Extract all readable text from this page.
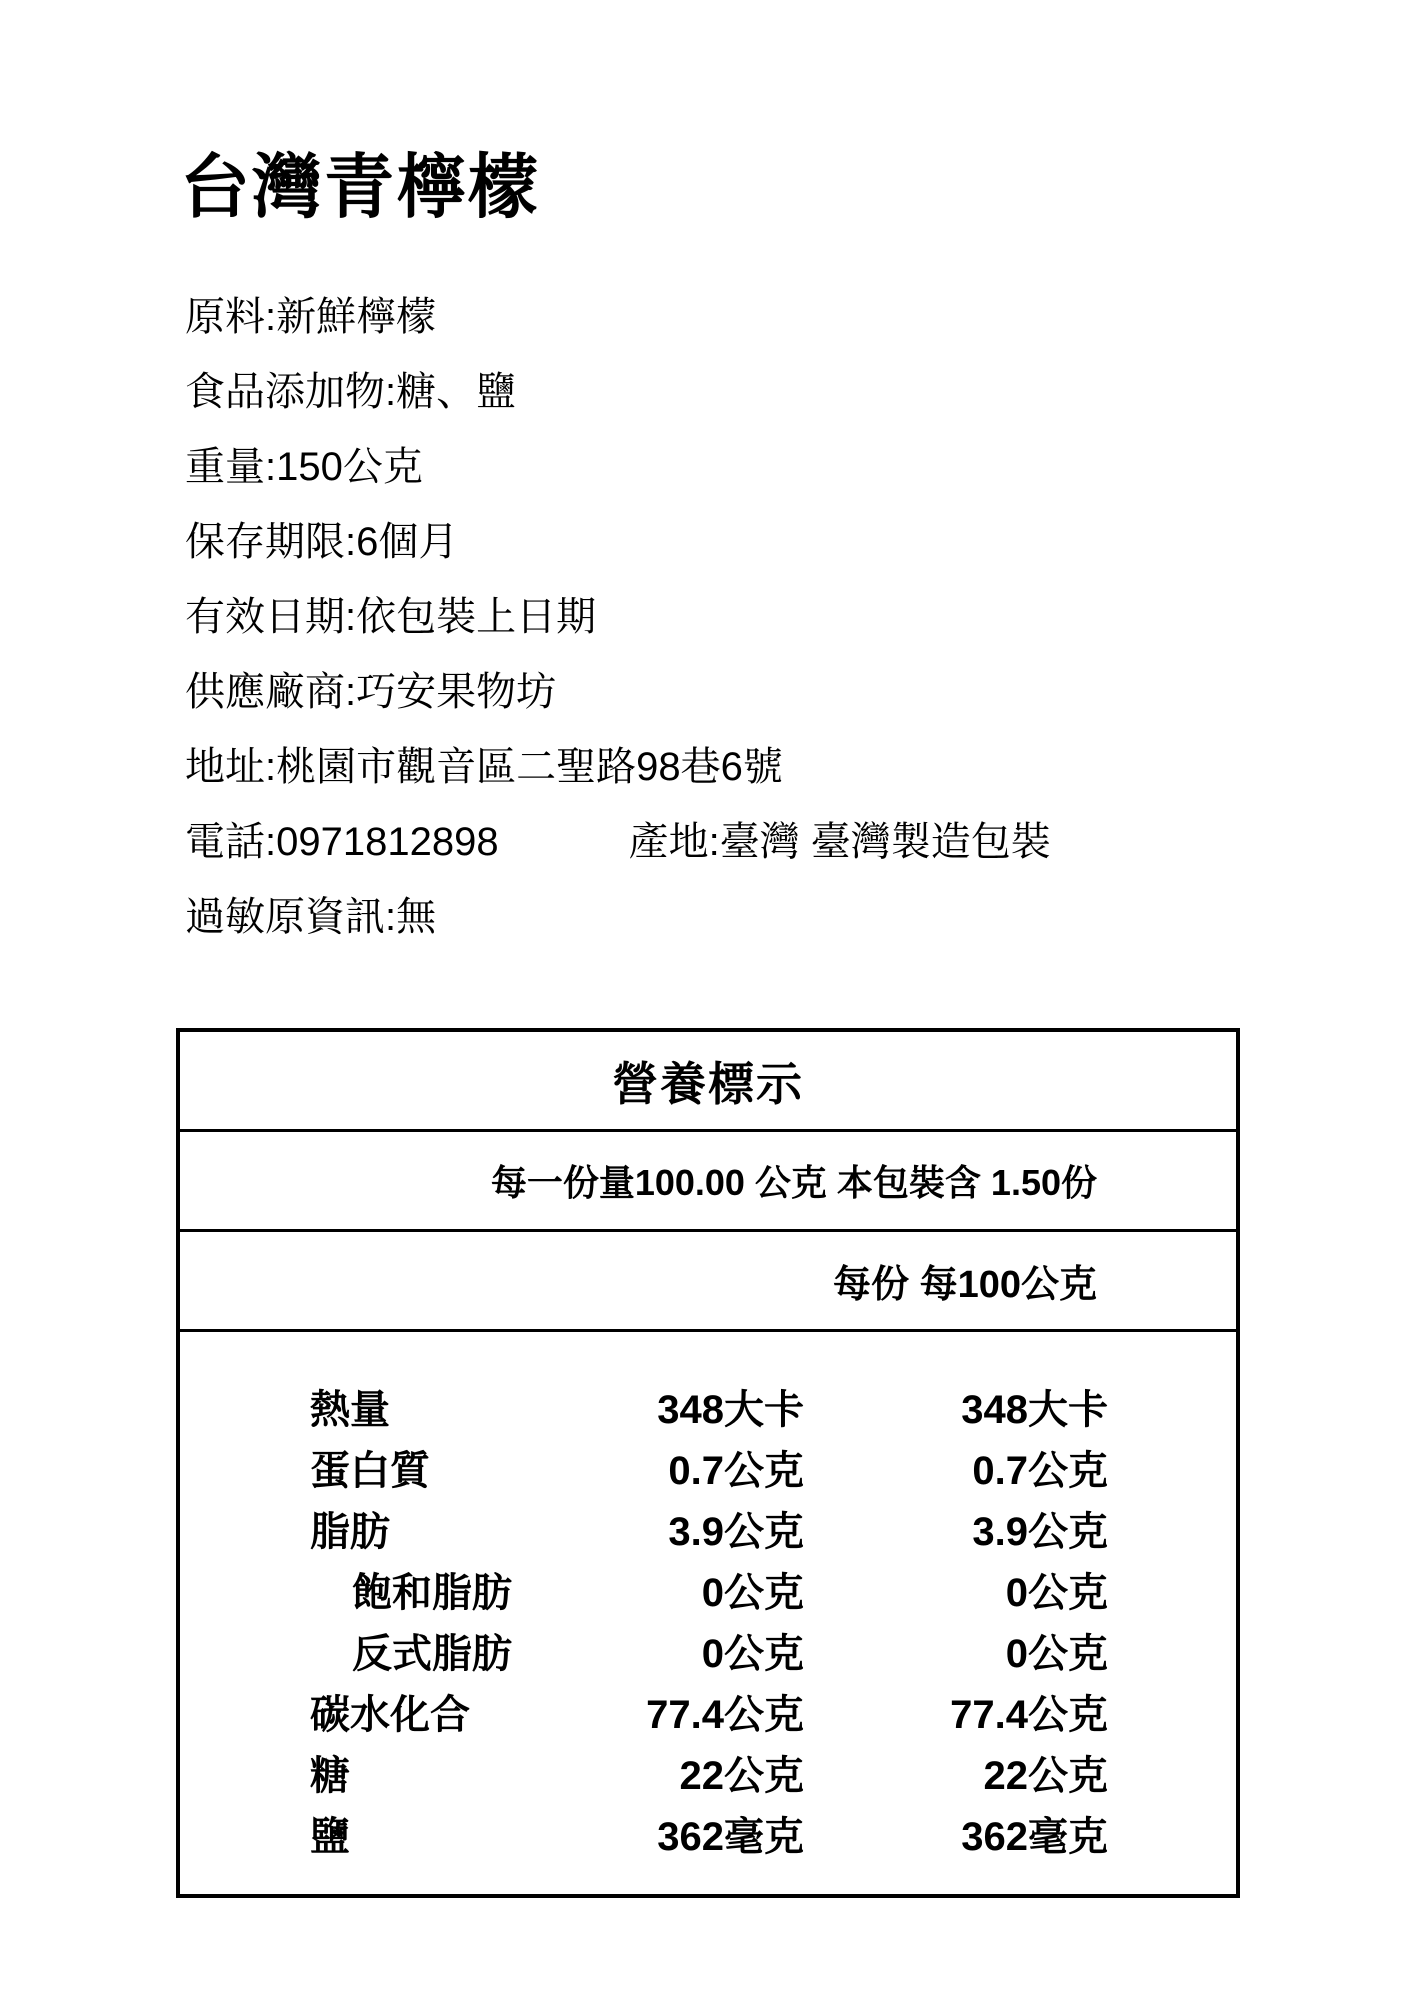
台灣青檸檬
原料:新鮮檸檬
食品添加物:糖、鹽
重量:150公克
保存期限:6個月
有效日期:依包裝上日期
供應廠商:巧安果物坊
地址:桃園市觀音區二聖路98巷6號
電話:0971812898	產地:臺灣 臺灣製造包裝
過敏原資訊:無
營養標示
每一份量100.00 公克 本包裝含 1.50份
每份 每100公克
熱量	348大卡	348大卡
蛋白質	0.7公克	0.7公克
脂肪	3.9公克	3.9公克
飽和脂肪	0公克	0公克
反式脂肪	0公克	0公克
碳水化合	77.4公克	77.4公克
糖	22公克	22公克
鹽	362毫克	362毫克
